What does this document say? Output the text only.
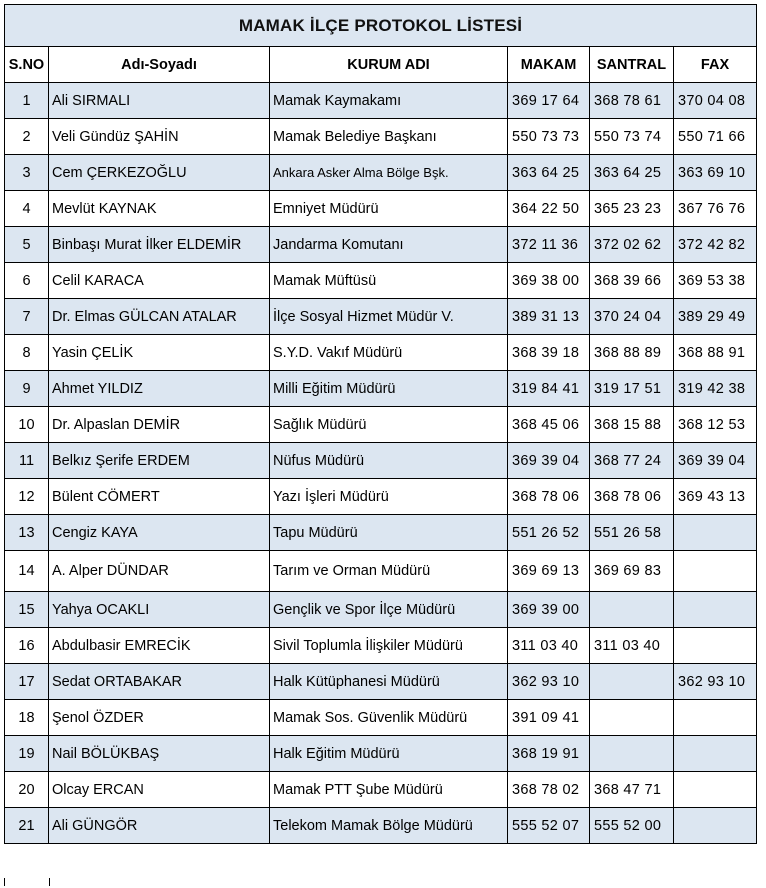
MAMAK İLÇE PROTOKOL LİSTESİ					
S.NO	Adı-Soyadı	KURUM ADI	MAKAM	SANTRAL	FAX
1	Ali SIRMALI	Mamak Kaymakamı	369 17 64	368 78 61	370 04 08
2	Veli Gündüz ŞAHİN	Mamak Belediye Başkanı	550 73 73	550 73 74	550 71 66
3	Cem ÇERKEZOĞLU	Ankara Asker Alma Bölge Bşk.	363 64 25	363 64 25	363 69 10
4	Mevlüt KAYNAK	Emniyet Müdürü	364 22 50	365 23 23	367 76 76
5	Binbaşı Murat İlker ELDEMİR	Jandarma Komutanı	372 11 36	372 02 62	372 42 82
6	Celil KARACA	Mamak Müftüsü	369 38 00	368 39 66	369 53 38
7	Dr. Elmas GÜLCAN ATALAR	İlçe Sosyal Hizmet Müdür V.	389 31 13	370 24 04	389 29 49
8	Yasin ÇELİK	S.Y.D. Vakıf Müdürü	368 39 18	368 88 89	368 88 91
9	Ahmet YILDIZ	Milli Eğitim Müdürü	319 84 41	319 17 51	319 42 38
10	Dr. Alpaslan DEMİR	Sağlık Müdürü	368 45 06	368 15 88	368 12 53
11	Belkız Şerife ERDEM	Nüfus Müdürü	369 39 04	368 77 24	369 39 04
12	Bülent CÖMERT	Yazı İşleri Müdürü	368 78 06	368 78 06	369 43 13
13	Cengiz KAYA	Tapu Müdürü	551 26 52	551 26 58	
14	A. Alper DÜNDAR	Tarım ve Orman Müdürü	369 69 13	369 69 83	
15	Yahya OCAKLI	Gençlik ve Spor İlçe Müdürü	369 39 00		
16	Abdulbasir EMRECİK	Sivil Toplumla İlişkiler Müdürü	311 03 40	311 03 40	
17	Sedat ORTABAKAR	Halk Kütüphanesi Müdürü	362 93 10		362 93 10
18	Şenol ÖZDER	Mamak Sos. Güvenlik Müdürü	391 09 41		
19	Nail BÖLÜKBAŞ	Halk Eğitim Müdürü	368 19 91		
20	Olcay ERCAN	Mamak PTT Şube Müdürü	368 78 02	368 47 71	
21	Ali GÜNGÖR	Telekom Mamak Bölge Müdürü	555 52 07	555 52 00	
